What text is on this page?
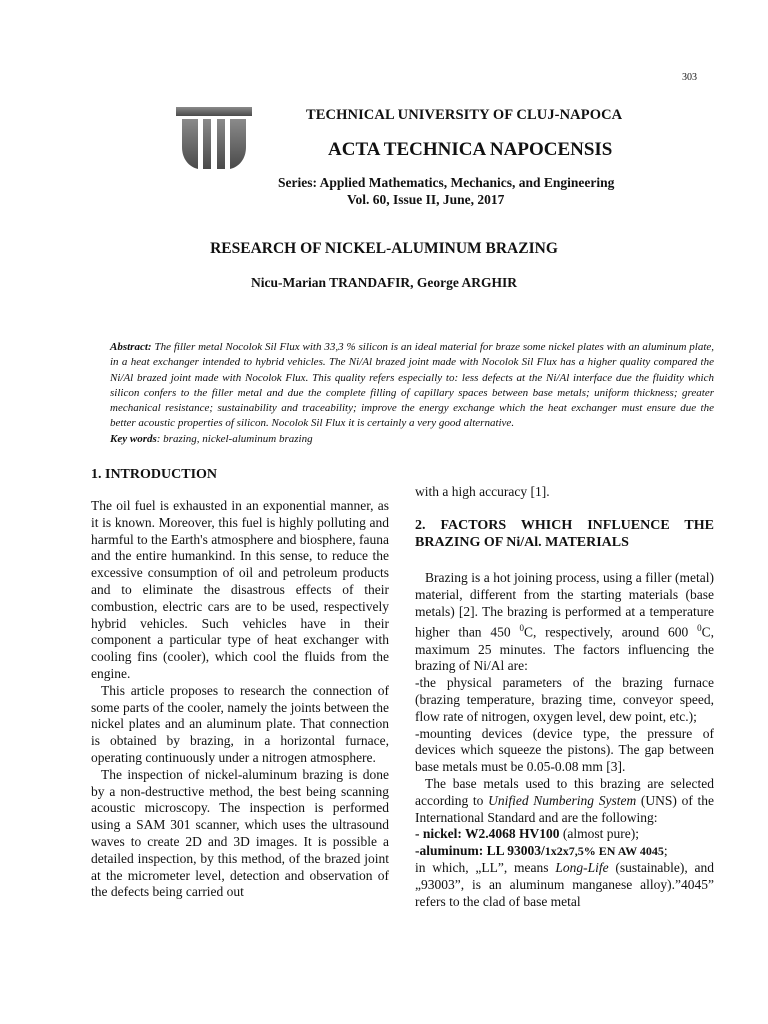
303
TECHNICAL UNIVERSITY OF CLUJ-NAPOCA
ACTA TECHNICA NAPOCENSIS
Series: Applied Mathematics, Mechanics, and Engineering
Vol. 60, Issue II, June, 2017
RESEARCH OF NICKEL-ALUMINUM BRAZING
Nicu-Marian TRANDAFIR, George ARGHIR
Abstract: The filler metal Nocolok Sil Flux with 33,3 % silicon is an ideal material for braze some nickel plates with an aluminum plate, in a heat exchanger intended to hybrid vehicles. The Ni/Al brazed joint made with Nocolok Sil Flux has a higher quality compared the Ni/Al brazed joint made with Nocolok Flux. This quality refers especially to: less defects at the Ni/Al interface due the fluidity which silicon confers to the filler metal and due the complete filling of capillary spaces between base metals; uniform thickness; greater mechanical resistance; sustainability and traceability; improve the energy exchange which the heat exchanger must ensure due the better acoustic properties of silicon. Nocolok Sil Flux it is certainly a very good alternative.
Key words: brazing, nickel-aluminum brazing
1. INTRODUCTION

The oil fuel is exhausted in an exponential manner, as it is known. Moreover, this fuel is highly polluting and harmful to the Earth's atmosphere and biosphere, fauna and the entire humankind. In this sense, to reduce the excessive consumption of oil and petroleum products and to eliminate the disastrous effects of their combustion, electric cars are to be used, respectively hybrid vehicles. Such vehicles have in their component a particular type of heat exchanger with cooling fins (cooler), which cool the fluids from the engine.

This article proposes to research the connection of some parts of the cooler, namely the joints between the nickel plates and an aluminum plate. That connection is obtained by brazing, in a horizontal furnace, operating continuously under a nitrogen atmosphere.

The inspection of nickel-aluminum brazing is done by a non-destructive method, the best being scanning acoustic microscopy. The inspection is performed using a SAM 301 scanner, which uses the ultrasound waves to create 2D and 3D images. It is possible a detailed inspection, by this method, of the brazed joint at the micrometer level, detection and observation of the defects being carried out

with a high accuracy [1].

2. FACTORS WHICH INFLUENCE THE BRAZING OF Ni/Al. MATERIALS

Brazing is a hot joining process, using a filler (metal) material, different from the starting materials (base metals) [2]. The brazing is performed at a temperature higher than 450 $^0$C, respectively, around 600 $^0$C, maximum 25 minutes. The factors influencing the brazing of Ni/Al are:

-the physical parameters of the brazing furnace (brazing temperature, brazing time, conveyor speed, flow rate of nitrogen, oxygen level, dew point, etc.);

-mounting devices (device type, the pressure of devices which squeeze the pistons). The gap between base metals must be 0.05-0.08 mm [3].

The base metals used to this brazing are selected according to Unified Numbering System (UNS) of the International Standard and are the following:

- nickel: W2.4068 HV100 (almost pure);

-aluminum: LL 93003/1x2x7,5% EN AW 4045;

in which, „LL”, means Long-Life (sustainable), and „93003”, is an aluminum manganese alloy).”4045” refers to the clad of base metal
